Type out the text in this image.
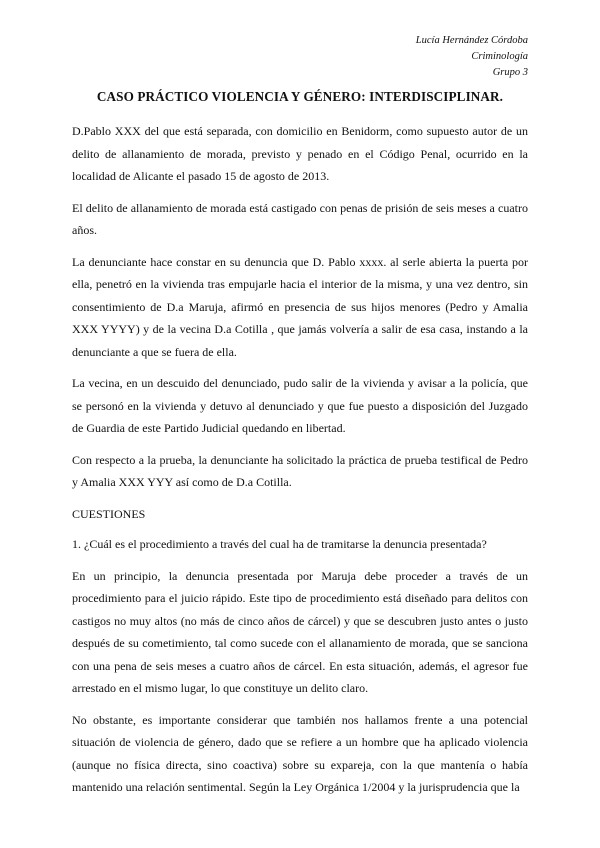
Lucía Hernández Córdoba
Criminología
Grupo 3
CASO PRÁCTICO VIOLENCIA Y GÉNERO: INTERDISCIPLINAR.

D.Pablo XXX del que está separada, con domicilio en Benidorm, como supuesto autor de un delito de allanamiento de morada, previsto y penado en el Código Penal, ocurrido en la localidad de Alicante el pasado 15 de agosto de 2013.

El delito de allanamiento de morada está castigado con penas de prisión de seis meses a cuatro años.

La denunciante hace constar en su denuncia que D. Pablo xxxx. al serle abierta la puerta por ella, penetró en la vivienda tras empujarle hacia el interior de la misma, y una vez dentro, sin consentimiento de D.a Maruja, afirmó en presencia de sus hijos menores (Pedro y Amalia XXX YYYY) y de la vecina D.a Cotilla , que jamás volvería a salir de esa casa, instando a la denunciante a que se fuera de ella.

La vecina, en un descuido del denunciado, pudo salir de la vivienda y avisar a la policía, que se personó en la vivienda y detuvo al denunciado y que fue puesto a disposición del Juzgado de Guardia de este Partido Judicial quedando en libertad.

Con respecto a la prueba, la denunciante ha solicitado la práctica de prueba testifical de Pedro y Amalia XXX YYY así como de D.a Cotilla.

CUESTIONES

1. ¿Cuál es el procedimiento a través del cual ha de tramitarse la denuncia presentada?

En un principio, la denuncia presentada por Maruja debe proceder a través de un procedimiento para el juicio rápido. Este tipo de procedimiento está diseñado para delitos con castigos no muy altos (no más de cinco años de cárcel) y que se descubren justo antes o justo después de su cometimiento, tal como sucede con el allanamiento de morada, que se sanciona con una pena de seis meses a cuatro años de cárcel. En esta situación, además, el agresor fue arrestado en el mismo lugar, lo que constituye un delito claro.

No obstante, es importante considerar que también nos hallamos frente a una potencial situación de violencia de género, dado que se refiere a un hombre que ha aplicado violencia (aunque no física directa, sino coactiva) sobre su expareja, con la que mantenía o había mantenido una relación sentimental. Según la Ley Orgánica 1/2004 y la jurisprudencia que la
